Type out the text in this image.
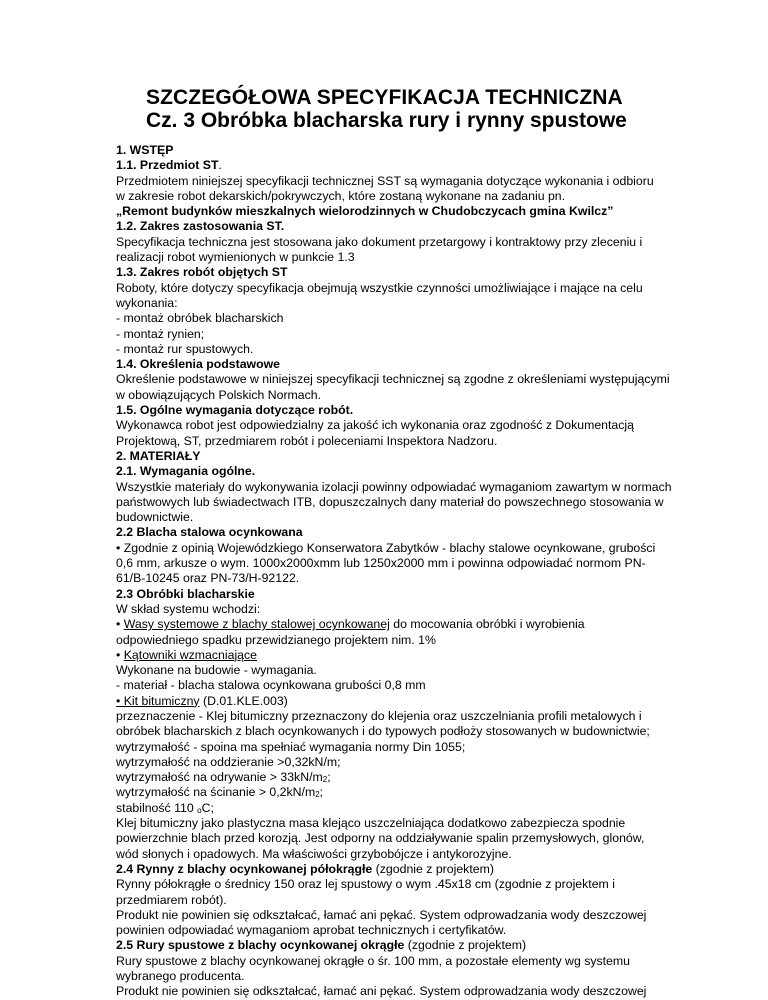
SZCZEGÓŁOWA SPECYFIKACJA TECHNICZNA
Cz. 3 Obróbka blacharska rury i rynny spustowe
1. WSTĘP
1.1. Przedmiot ST.
Przedmiotem niniejszej specyfikacji technicznej SST są wymagania dotyczące wykonania i odbioru
w zakresie robot dekarskich/pokrywczych, które zostaną wykonane na zadaniu pn.
„Remont budynków mieszkalnych wielorodzinnych w Chudobczycach gmina Kwilcz”
1.2. Zakres zastosowania ST.
Specyfikacja techniczna jest stosowana jako dokument przetargowy i kontraktowy przy zleceniu i
realizacji robot wymienionych w punkcie 1.3
1.3. Zakres robót objętych ST
Roboty, które dotyczy specyfikacja obejmują wszystkie czynności umożliwiające i mające na celu
wykonania:
- montaż obróbek blacharskich
- montaż rynien;
- montaż rur spustowych.
1.4. Określenia podstawowe
Określenie podstawowe w niniejszej specyfikacji technicznej są zgodne z określeniami występującymi
w obowiązujących Polskich Normach.
1.5. Ogólne wymagania dotyczące robót.
Wykonawca robot jest odpowiedzialny za jakość ich wykonania oraz zgodność z Dokumentacją
Projektową, ST, przedmiarem robót i poleceniami Inspektora Nadzoru.
2. MATERIAŁY
2.1. Wymagania ogólne.
Wszystkie materiały do wykonywania izolacji powinny odpowiadać wymaganiom zawartym w normach
państwowych lub świadectwach ITB, dopuszczalnych dany materiał do powszechnego stosowania w
budownictwie.
2.2 Blacha stalowa ocynkowana
• Zgodnie z opinią Wojewódzkiego Konserwatora Zabytków - blachy stalowe ocynkowane, grubości
0,6 mm, arkusze o wym. 1000x2000xmm lub 1250x2000 mm i powinna odpowiadać normom PN-
61/B-10245 oraz PN-73/H-92122.
2.3 Obróbki blacharskie
W skład systemu wchodzi:
• Wasy systemowe z blachy stalowej ocynkowanej do mocowania obróbki i wyrobienia
odpowiedniego spadku przewidzianego projektem nim. 1%
• Kątowniki wzmacniające
Wykonane na budowie - wymagania.
- materiał - blacha stalowa ocynkowana grubości 0,8 mm
• Kit bitumiczny (D.01.KLE.003)
przeznaczenie - Klej bitumiczny przeznaczony do klejenia oraz uszczelniania profili metalowych i
obróbek blacharskich z blach ocynkowanych i do typowych podłoży stosowanych w budownictwie;
wytrzymałość - spoina ma spełniać wymagania normy Din 1055;
wytrzymałość na oddzieranie >0,32kN/m;
wytrzymałość na odrywanie > $33kN/m_2$;
wytrzymałość na ścinanie > $0,2kN/m_2$;
stabilność 110 $_o$C;
Klej bitumiczny jako plastyczna masa klejąco uszczelniająca dodatkowo zabezpiecza spodnie
powierzchnie blach przed korozją. Jest odporny na oddziaływanie spalin przemysłowych, glonów,
wód słonych i opadowych. Ma właściwości grzybobójcze i antykorozyjne.
2.4 Rynny z blachy ocynkowanej półokrągłe (zgodnie z projektem)
Rynny półokrągłe o średnicy 150 oraz lej spustowy o wym .45x18 cm (zgodnie z projektem i
przedmiarem robót).
Produkt nie powinien się odkształcać, łamać ani pękać. System odprowadzania wody deszczowej
powinien odpowiadać wymaganiom aprobat technicznych i certyfikatów.
2.5 Rury spustowe z blachy ocynkowanej okrągłe (zgodnie z projektem)
Rury spustowe z blachy ocynkowanej okrągłe o śr. 100 mm, a pozostałe elementy wg systemu
wybranego producenta.
Produkt nie powinien się odkształcać, łamać ani pękać. System odprowadzania wody deszczowej
